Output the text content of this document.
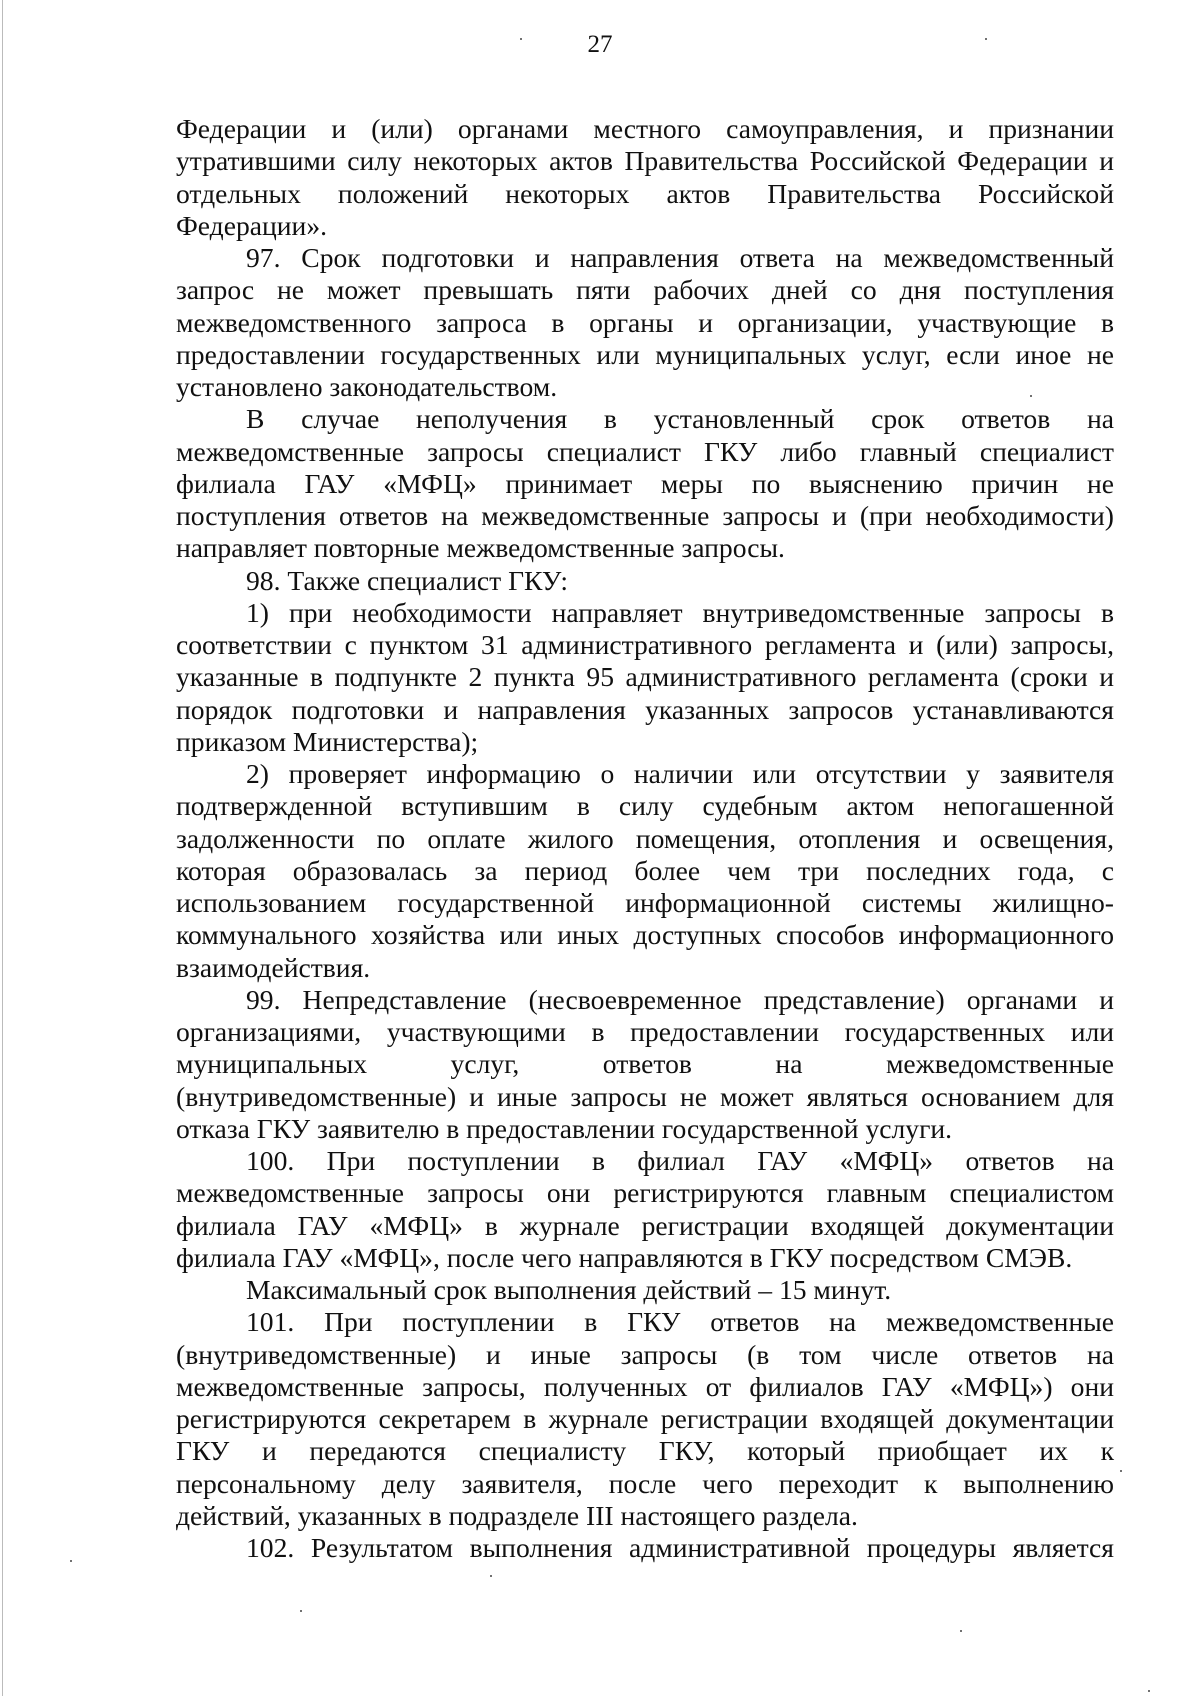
27
Федерации и (или) органами местного самоуправления, и признании
утратившими силу некоторых актов Правительства Российской Федерации и
отдельных положений некоторых актов Правительства Российской
Федерации».
97. Срок подготовки и направления ответа на межведомственный
запрос не может превышать пяти рабочих дней со дня поступления
межведомственного запроса в органы и организации, участвующие в
предоставлении государственных или муниципальных услуг, если иное не
установлено законодательством.
В случае неполучения в установленный срок ответов на
межведомственные запросы специалист ГКУ либо главный специалист
филиала ГАУ «МФЦ» принимает меры по выяснению причин не
поступления ответов на межведомственные запросы и (при необходимости)
направляет повторные межведомственные запросы.
98. Также специалист ГКУ:
1) при необходимости направляет внутриведомственные запросы в
соответствии с пунктом 31 административного регламента и (или) запросы,
указанные в подпункте 2 пункта 95 административного регламента (сроки и
порядок подготовки и направления указанных запросов устанавливаются
приказом Министерства);
2) проверяет информацию о наличии или отсутствии у заявителя
подтвержденной вступившим в силу судебным актом непогашенной
задолженности по оплате жилого помещения, отопления и освещения,
которая образовалась за период более чем три последних года, с
использованием государственной информационной системы жилищно-
коммунального хозяйства или иных доступных способов информационного
взаимодействия.
99. Непредставление (несвоевременное представление) органами и
организациями, участвующими в предоставлении государственных или
муниципальных услуг, ответов на межведомственные
(внутриведомственные) и иные запросы не может являться основанием для
отказа ГКУ заявителю в предоставлении государственной услуги.
100. При поступлении в филиал ГАУ «МФЦ» ответов на
межведомственные запросы они регистрируются главным специалистом
филиала ГАУ «МФЦ» в журнале регистрации входящей документации
филиала ГАУ «МФЦ», после чего направляются в ГКУ посредством СМЭВ.
Максимальный срок выполнения действий – 15 минут.
101. При поступлении в ГКУ ответов на межведомственные
(внутриведомственные) и иные запросы (в том числе ответов на
межведомственные запросы, полученных от филиалов ГАУ «МФЦ») они
регистрируются секретарем в журнале регистрации входящей документации
ГКУ и передаются специалисту ГКУ, который приобщает их к
персональному делу заявителя, после чего переходит к выполнению
действий, указанных в подразделе III настоящего раздела.
102. Результатом выполнения административной процедуры является
